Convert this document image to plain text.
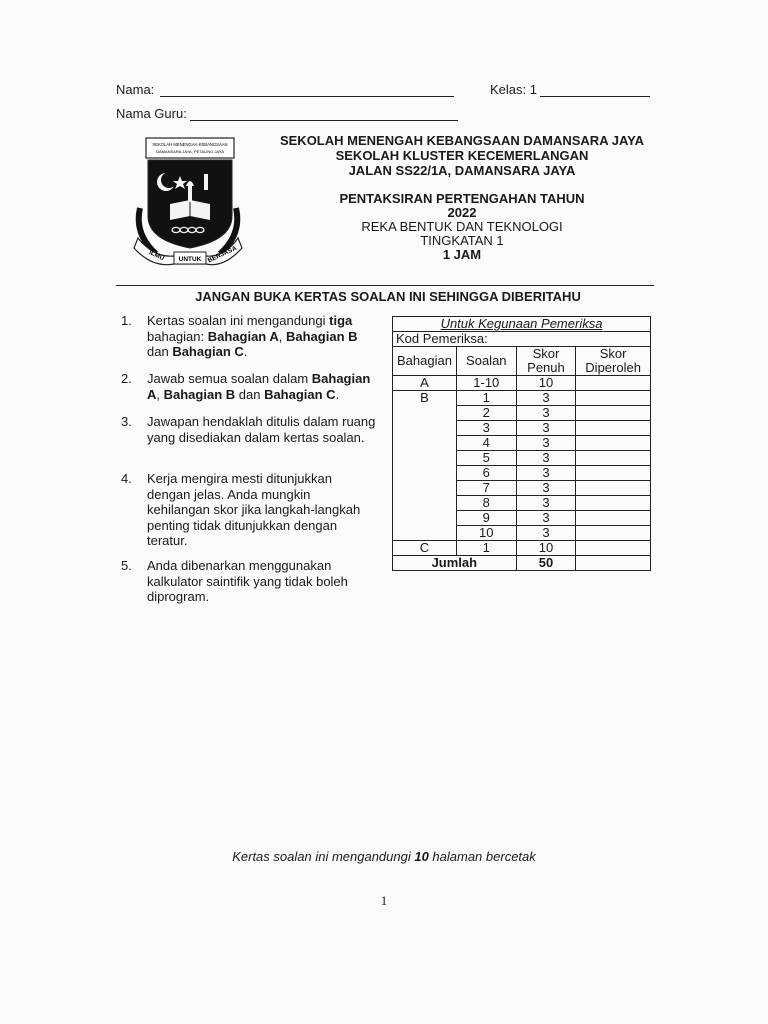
Nama:	Kelas: 1
Nama Guru:
SEKOLAH MENENGAH KEBANGSAAN
DAMANSARA JAYA, PETALING JAYA
ILMU UNTUK BERJASA
SEKOLAH MENENGAH KEBANGSAAN DAMANSARA JAYA
SEKOLAH KLUSTER KECEMERLANGAN
JALAN SS22/1A, DAMANSARA JAYA
PENTAKSIRAN PERTENGAHAN TAHUN
2022
REKA BENTUK DAN TEKNOLOGI
TINGKATAN 1
1 JAM
JANGAN BUKA KERTAS SOALAN INI SEHINGGA DIBERITAHU
1.	Kertas soalan ini mengandungi tiga bahagian: Bahagian A, Bahagian B dan Bahagian C.
2.	Jawab semua soalan dalam Bahagian A, Bahagian B dan Bahagian C.
3.	Jawapan hendaklah ditulis dalam ruang yang disediakan dalam kertas soalan.
4.	Kerja mengira mesti ditunjukkan dengan jelas. Anda mungkin kehilangan skor jika langkah-langkah penting tidak ditunjukkan dengan teratur.
5.	Anda dibenarkan menggunakan kalkulator saintifik yang tidak boleh diprogram.
Untuk Kegunaan Pemeriksa			
Kod Pemeriksa:			
Bahagian	Soalan	Skor Penuh	Skor Diperoleh
A	1-10	10	
B	1	3	
	2	3	
	3	3	
	4	3	
	5	3	
	6	3	
	7	3	
	8	3	
	9	3	
	10	3	
C	1	10	
Jumlah		50	
Kertas soalan ini mengandungi 10 halaman bercetak
1
